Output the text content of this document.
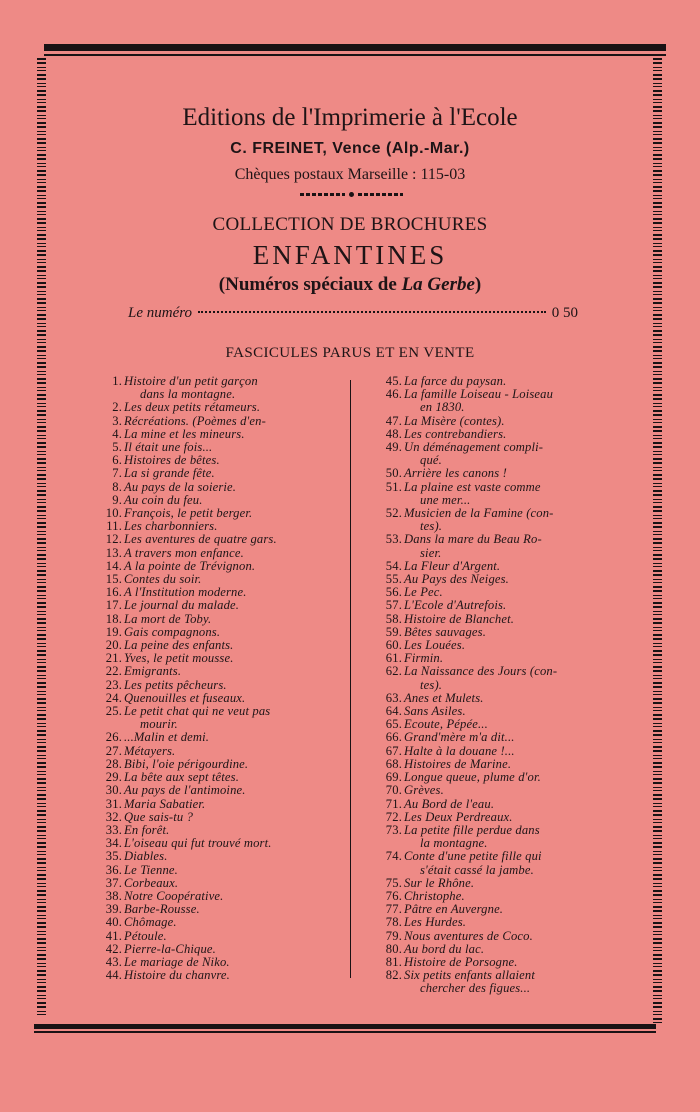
Editions de l'Imprimerie à l'Ecole
C. FREINET, Vence (Alp.-Mar.)
Chèques postaux Marseille : 115-03
COLLECTION DE BROCHURES
ENFANTINES
(Numéros spéciaux de La Gerbe)
Le numéro	0 50
FASCICULES PARUS ET EN VENTE
1. Histoire d'un petit garçon
dans la montagne.
2. Les deux petits rétameurs.
3. Récréations. (Poèmes d'en-
4. La mine et les mineurs.
5. Il était une fois...
6. Histoires de bêtes.
7. La si grande fête.
8. Au pays de la soierie.
9. Au coin du feu.
10. François, le petit berger.
11. Les charbonniers.
12. Les aventures de quatre gars.
13. A travers mon enfance.
14. A la pointe de Trévignon.
15. Contes du soir.
16. A l'Institution moderne.
17. Le journal du malade.
18. La mort de Toby.
19. Gais compagnons.
20. La peine des enfants.
21. Yves, le petit mousse.
22. Emigrants.
23. Les petits pêcheurs.
24. Quenouilles et fuseaux.
25. Le petit chat qui ne veut pas
mourir.
26. ...Malin et demi.
27. Métayers.
28. Bibi, l'oie périgourdine.
29. La bête aux sept têtes.
30. Au pays de l'antimoine.
31. Maria Sabatier.
32. Que sais-tu ?
33. En forêt.
34. L'oiseau qui fut trouvé mort.
35. Diables.
36. Le Tienne.
37. Corbeaux.
38. Notre Coopérative.
39. Barbe-Rousse.
40. Chômage.
41. Pétoule.
42. Pierre-la-Chique.
43. Le mariage de Niko.
44. Histoire du chanvre.
45. La farce du paysan.
46. La famille Loiseau - Loiseau
en 1830.
47. La Misère (contes).
48. Les contrebandiers.
49. Un déménagement compli-
qué.
50. Arrière les canons !
51. La plaine est vaste comme
une mer...
52. Musicien de la Famine (con-
tes).
53. Dans la mare du Beau Ro-
sier.
54. La Fleur d'Argent.
55. Au Pays des Neiges.
56. Le Pec.
57. L'Ecole d'Autrefois.
58. Histoire de Blanchet.
59. Bêtes sauvages.
60. Les Louées.
61. Firmin.
62. La Naissance des Jours (con-
tes).
63. Anes et Mulets.
64. Sans Asiles.
65. Ecoute, Pépée...
66. Grand'mère m'a dit...
67. Halte à la douane !...
68. Histoires de Marine.
69. Longue queue, plume d'or.
70. Grèves.
71. Au Bord de l'eau.
72. Les Deux Perdreaux.
73. La petite fille perdue dans
la montagne.
74. Conte d'une petite fille qui
s'était cassé la jambe.
75. Sur le Rhône.
76. Christophe.
77. Pâtre en Auvergne.
78. Les Hurdes.
79. Nous aventures de Coco.
80. Au bord du lac.
81. Histoire de Porsogne.
82. Six petits enfants allaient
chercher des figues...
